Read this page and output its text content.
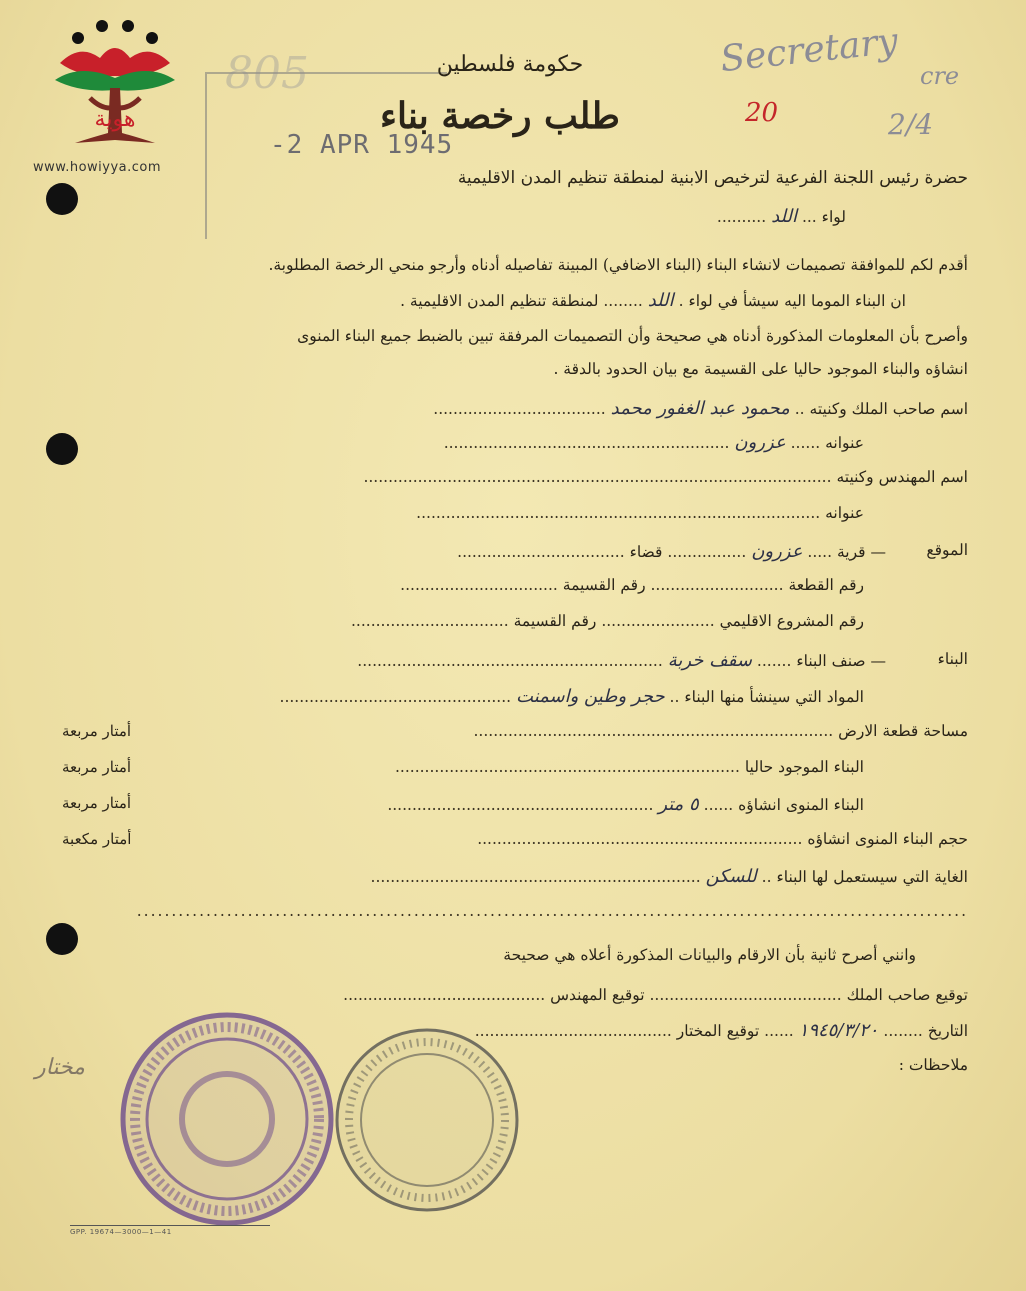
هوية
www.howiyya.com
-2 APR 1945
805	Secretary cre
2/4
20
حكومة فلسطين
طلب رخصة بناء
حضرة رئيس اللجنة الفرعية لترخيص الابنية لمنطقة تنظيم المدن الاقليمية
لواء ... اللد ..........
أقدم لكم للموافقة تصميمات لانشاء البناء (البناء الاضافي) المبينة تفاصيله أدناه وأرجو منحي الرخصة المطلوبة.
ان البناء الموما اليه سيشأ في لواء . اللد ........ لمنطقة تنظيم المدن الاقليمية .
وأصرح بأن المعلومات المذكورة أدناه هي صحيحة وأن التصميمات المرفقة تبين بالضبط جميع البناء المنوى
انشاؤه والبناء الموجود حاليا على القسيمة مع بيان الحدود بالدقة .
اسم صاحب الملك وكنيته .. محمود عبد الغفور محمد ...................................
عنوانه ...... عزرون ..........................................................
اسم المهندس وكنيته ...............................................................................................
عنوانه ..................................................................................
الموقع
— قرية ..... عزرون ................ قضاء ..................................
رقم القطعة ........................... رقم القسيمة ................................
رقم المشروع الاقليمي ....................... رقم القسيمة ................................
البناء
— صنف البناء ....... سقف خربة ..............................................................
المواد التي سينشأ منها البناء .. حجر وطين واسمنت ...............................................
مساحة قطعة الارض .........................................................................
أمتار مربعة
البناء الموجود حاليا ......................................................................
أمتار مربعة
البناء المنوى انشاؤه ...... ٥ متر ......................................................
أمتار مربعة
حجم البناء المنوى انشاؤه ..................................................................
أمتار مكعبة
الغاية التي سيستعمل لها البناء .. للسكن ...................................................................
........................................................................................................................
وانني أصرح ثانية بأن الارقام والبيانات المذكورة أعلاه هي صحيحة
توقيع صاحب الملك ....................................... توقيع المهندس .........................................
التاريخ ........ ١٩٤٥/٣/٢٠ ...... توقيع المختار ........................................
ملاحظات :
مختار
GPP. 19674—3000—1—41
